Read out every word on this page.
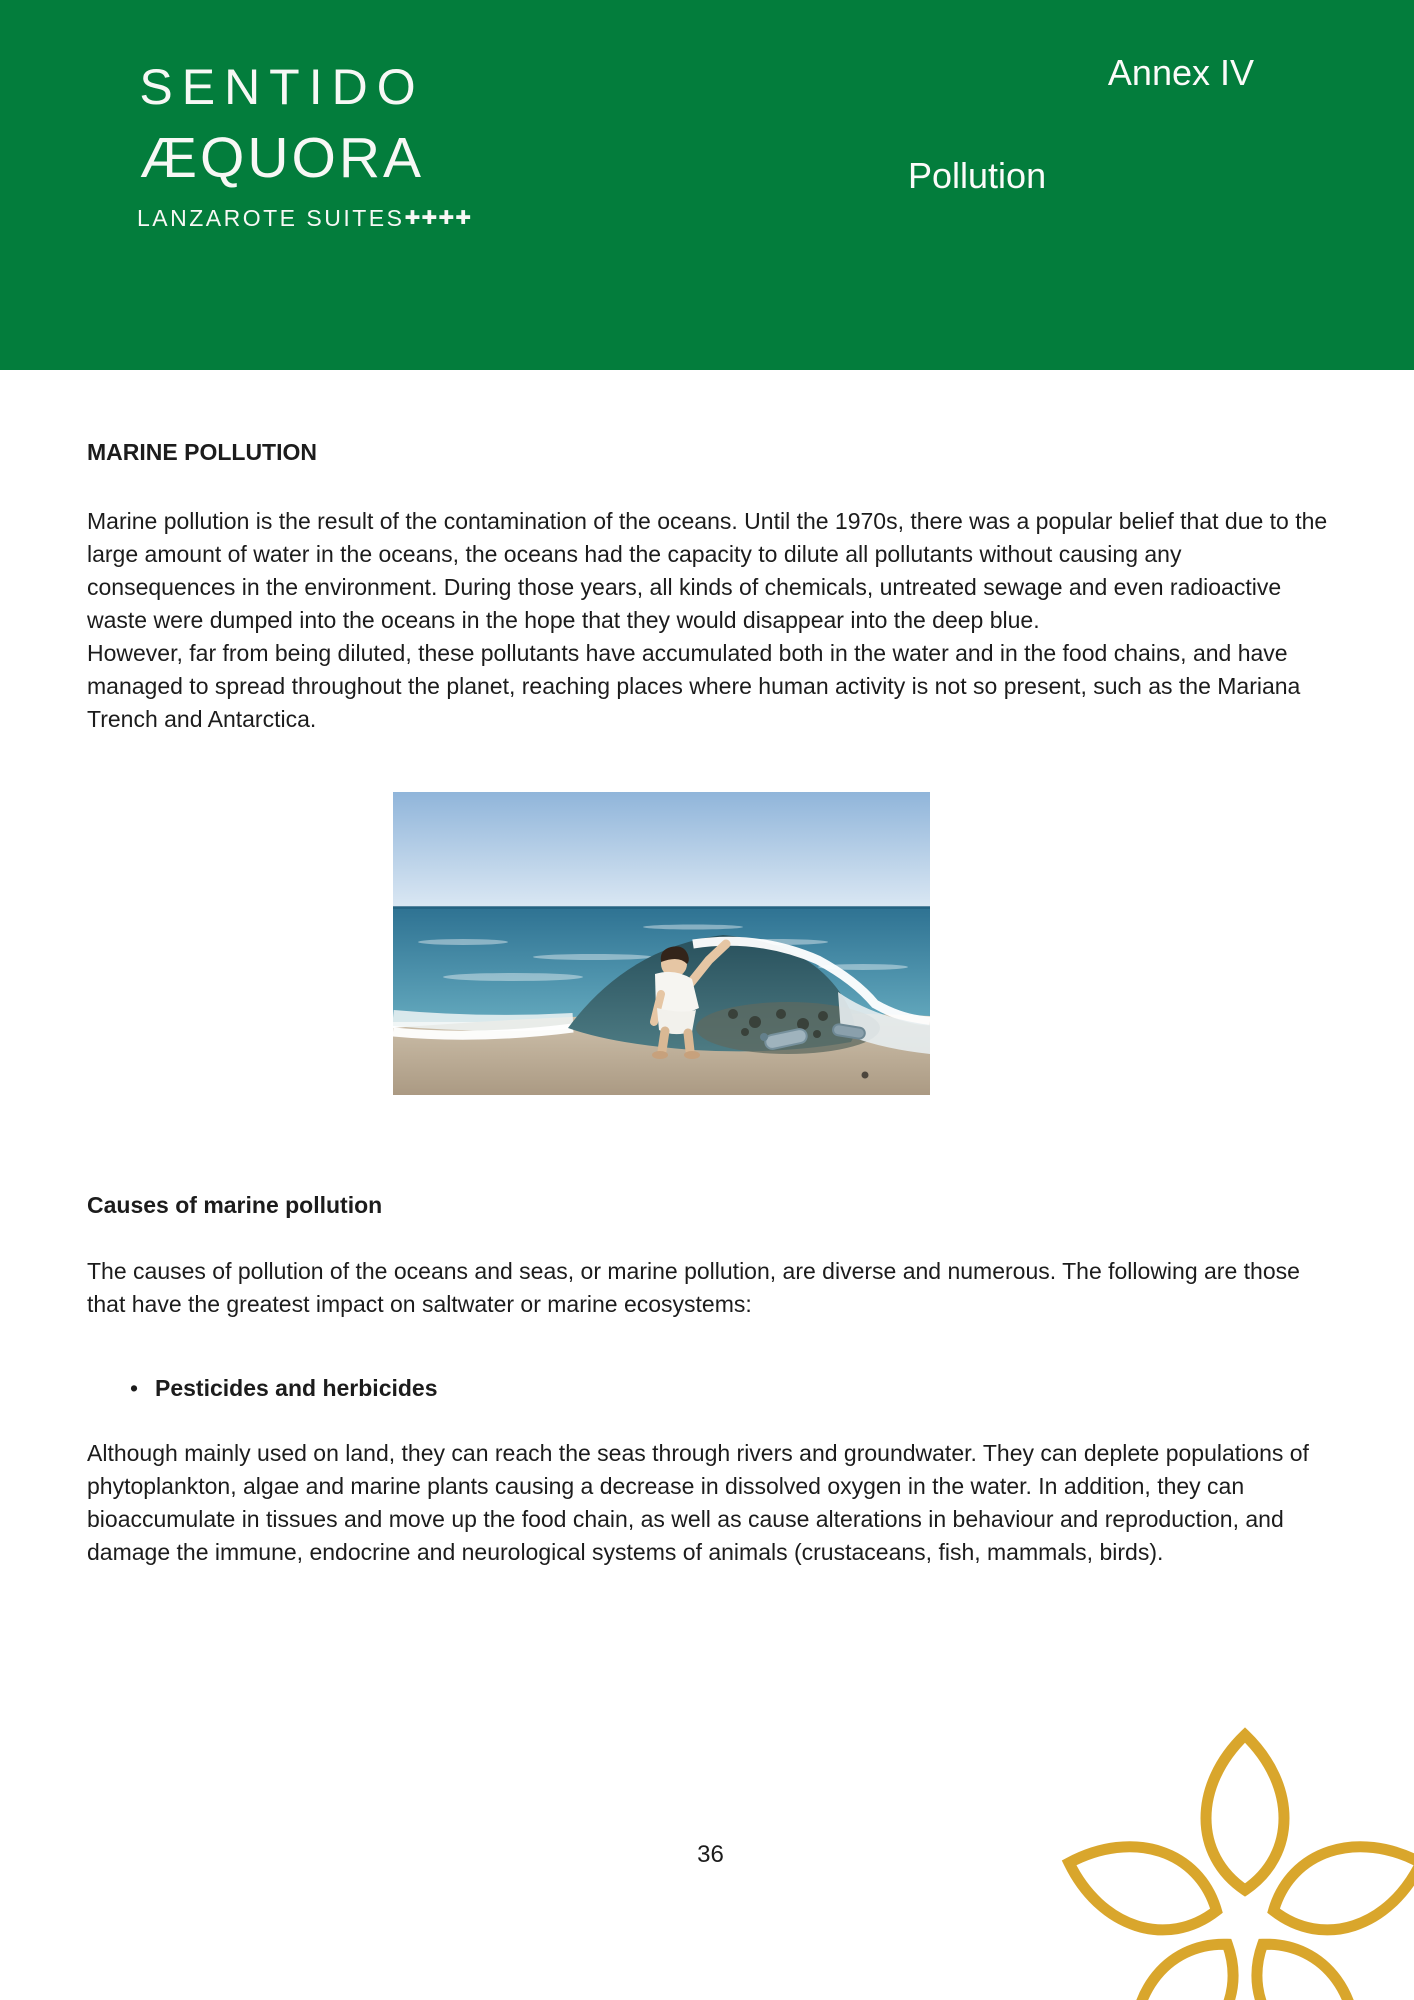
SENTIDO
ÆQUORA
LANZAROTE SUITES✚✚✚✚
Annex IV
Pollution

MARINE POLLUTION

Marine pollution is the result of the contamination of the oceans. Until the 1970s, there was a popular belief that due to the large amount of water in the oceans, the oceans had the capacity to dilute all pollutants without causing any consequences in the environment. During those years, all kinds of chemicals, untreated sewage and even radioactive waste were dumped into the oceans in the hope that they would disappear into the deep blue.

However, far from being diluted, these pollutants have accumulated both in the water and in the food chains, and have managed to spread throughout the planet, reaching places where human activity is not so present, such as the Mariana Trench and Antarctica.

Causes of marine pollution

The causes of pollution of the oceans and seas, or marine pollution, are diverse and numerous. The following are those that have the greatest impact on saltwater or marine ecosystems:

• Pesticides and herbicides

Although mainly used on land, they can reach the seas through rivers and groundwater. They can deplete populations of phytoplankton, algae and marine plants causing a decrease in dissolved oxygen in the water. In addition, they can bioaccumulate in tissues and move up the food chain, as well as cause alterations in behaviour and reproduction, and damage the immune, endocrine and neurological systems of animals (crustaceans, fish, mammals, birds).

36
